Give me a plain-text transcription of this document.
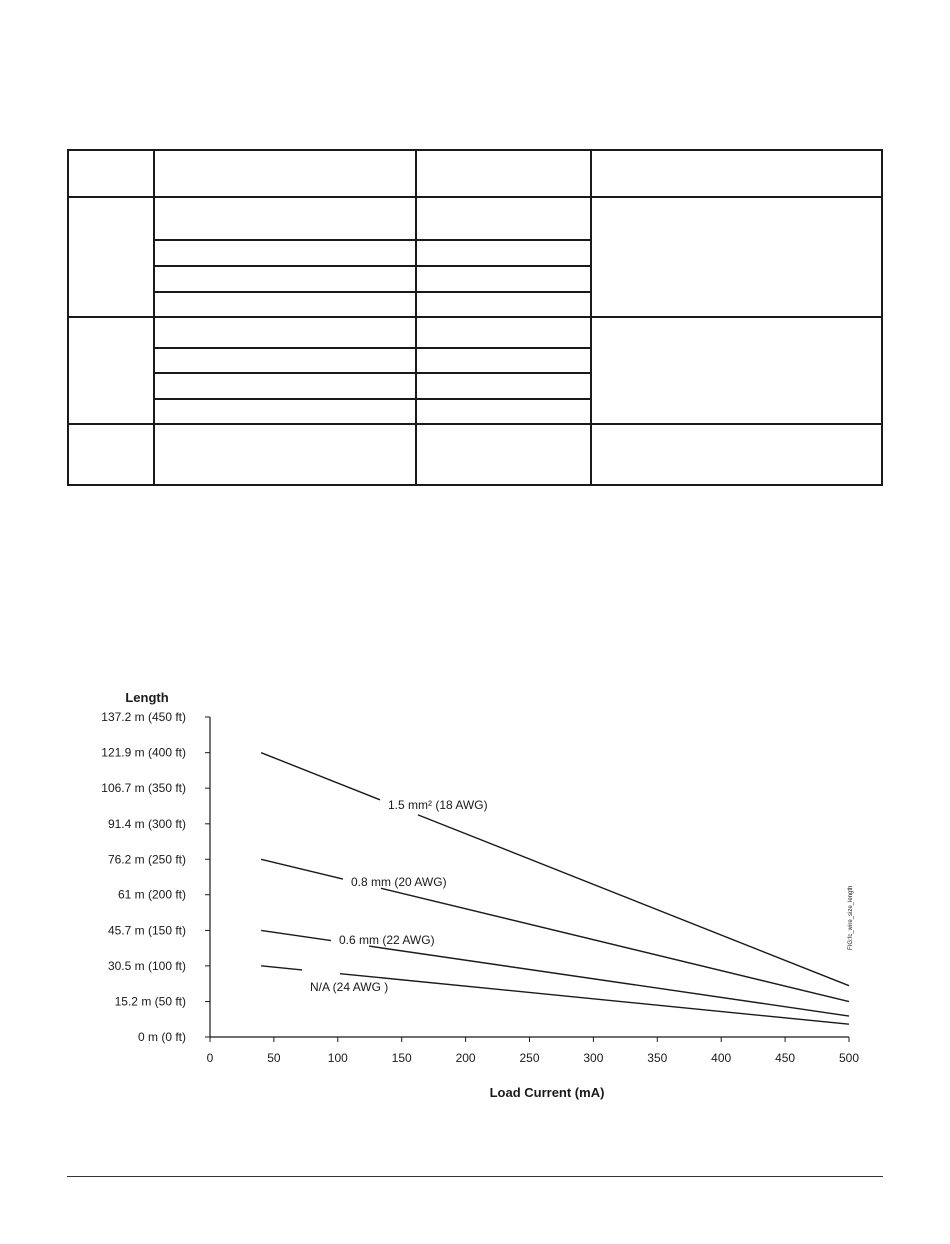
0 m (0 ft)
15.2 m (50 ft)
30.5 m (100 ft)
45.7 m (150 ft)
61 m (200 ft)
76.2 m (250 ft)
91.4 m (300 ft)
106.7 m (350 ft)
121.9 m (400 ft)
137.2 m (450 ft)
0	50	100	150	200	250	300	350	400	450	500
Length
Load Current (mA)
1.5 mm² (18 AWG)
0.8 mm (20 AWG)
0.6 mm (22 AWG)
N/A (24 AWG )
FIG:fc_wire_size_length
